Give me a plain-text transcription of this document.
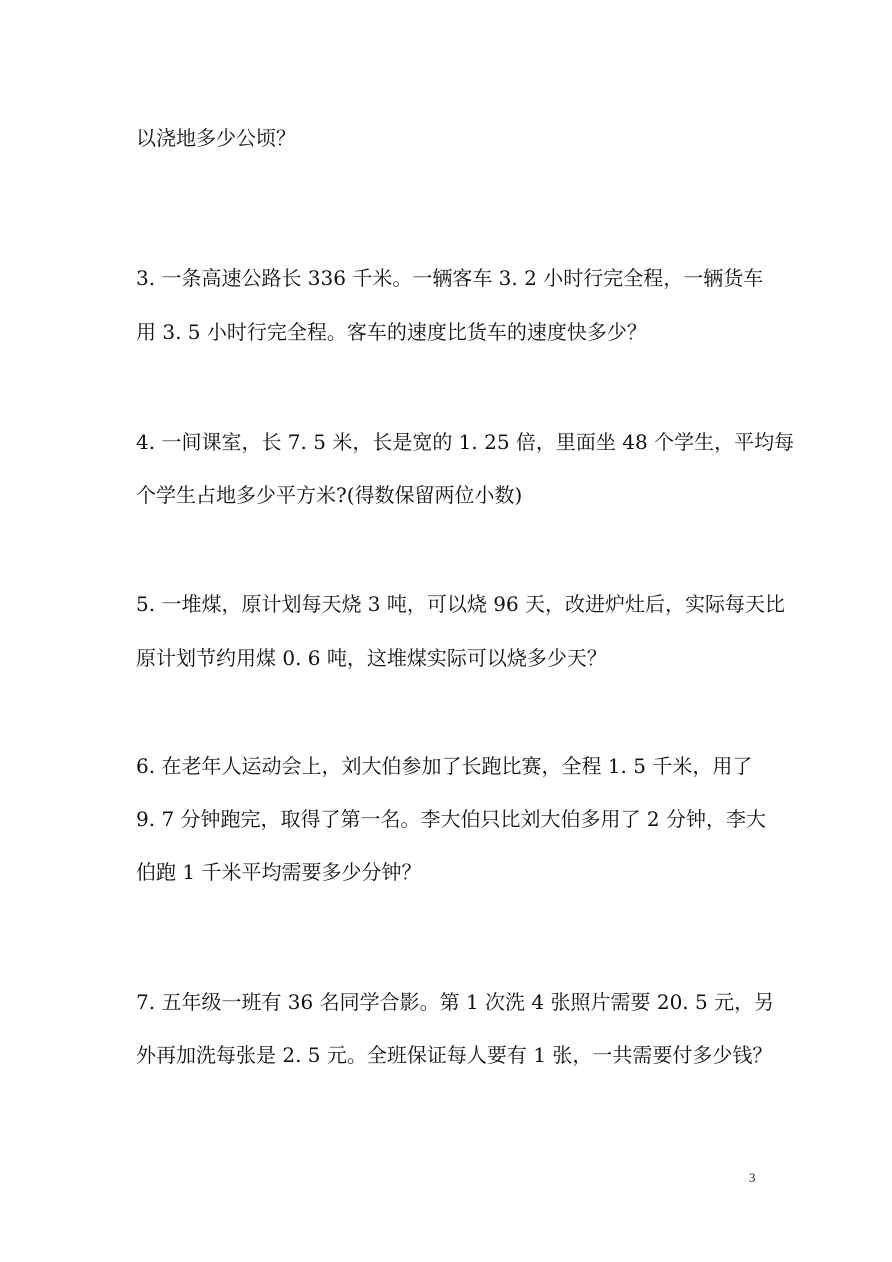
以浇地多少公顷？
3. 一条高速公路长 336 千米。一辆客车 3. 2 小时行完全程，一辆货车
用 3. 5 小时行完全程。客车的速度比货车的速度快多少？
4. 一间课室，长 7. 5 米，长是宽的 1. 25 倍，里面坐 48 个学生，平均每
个学生占地多少平方米?(得数保留两位小数)
5. 一堆煤，原计划每天烧 3 吨，可以烧 96 天，改进炉灶后，实际每天比
原计划节约用煤 0. 6 吨，这堆煤实际可以烧多少天？
6. 在老年人运动会上，刘大伯参加了长跑比赛，全程 1. 5 千米，用了
9. 7 分钟跑完，取得了第一名。李大伯只比刘大伯多用了 2 分钟，李大
伯跑 1 千米平均需要多少分钟？
7. 五年级一班有 36 名同学合影。第 1 次洗 4 张照片需要 20. 5 元，另
外再加洗每张是 2. 5 元。全班保证每人要有 1 张，一共需要付多少钱？
3
